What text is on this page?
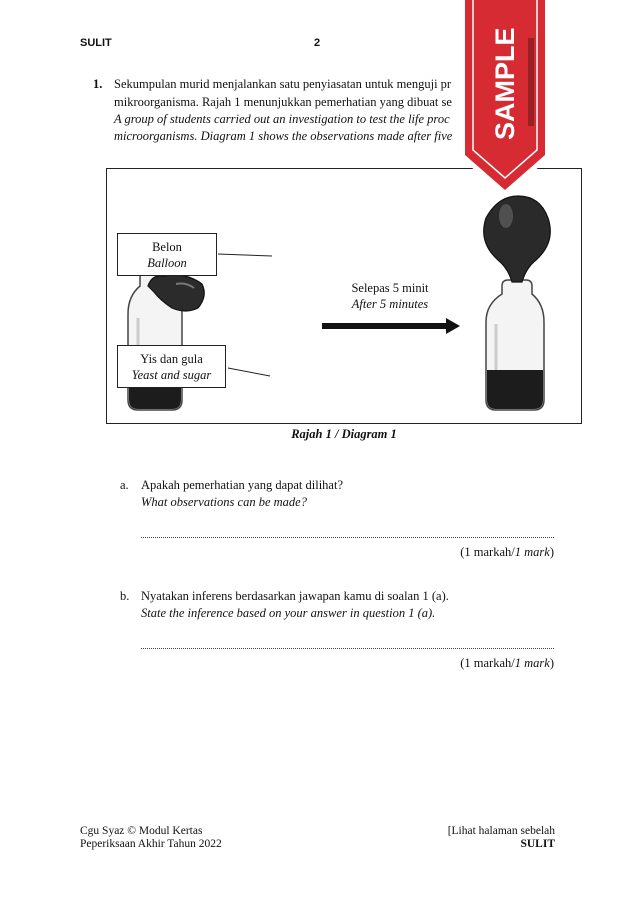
SULIT	2
1. Sekumpulan murid menjalankan satu penyiasatan untuk menguji pr
mikroorganisma. Rajah 1 menunjukkan pemerhatian yang dibuat se
A group of students carried out an investigation to test the life proc
microorganisms. Diagram 1 shows the observations made after five
Belon
Balloon
Yis dan gula
Yeast and sugar
Selepas 5 minit
After 5 minutes
Rajah 1 / Diagram 1
a. Apakah pemerhatian yang dapat dilihat?
What observations can be made?
(1 markah/1 mark)
b. Nyatakan inferens berdasarkan jawapan kamu di soalan 1 (a).
State the inference based on your answer in question 1 (a).
(1 markah/1 mark)
Cgu Syaz © Modul Kertas
Peperiksaan Akhir Tahun 2022
[Lihat halaman sebelah
SULIT
SAMPLE
